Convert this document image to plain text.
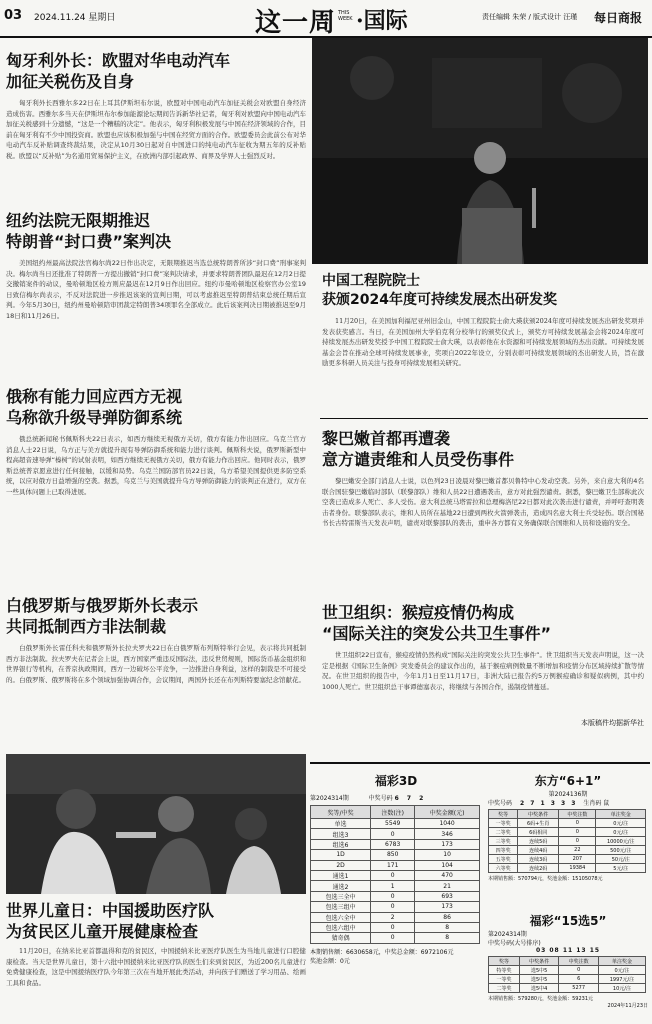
03 2024.11.24 星期日	这一周 THIS WEEK ·国际	责任编辑 朱荣 / 版式设计 汪瑾 每日商报
匈牙利外长：欧盟对华电动汽车
加征关税伤及自身

匈牙利外长西雅尔多22日在上耳其伊斯坦布尔说，欧盟对中国电动汽车加征关税会对欧盟自身经济造成伤害。西雅尔多当天在伊斯坦布尔参加能源论坛期间告诉新华社记者，匈牙利对欧盟向中国电动汽车加征关税感到十分遗憾，“这是一个糟糕的决定”。他表示，匈牙利积极发展与中国在经济领域的合作，目前在匈牙利有不少中国投资商。欧盟也应该积极加强与中国在经贸方面的合作。欧盟委员会此前公布对华电动汽车反补贴调查终裁结果，决定从10月30日起对自中国进口的纯电动汽车征收为期五年的反补贴税。欧盟以“反补贴”为名通用贸易保护主义，在欧洲内部引起政界、商界及学界人士强烈反对。

纽约法院无限期推迟
特朗普“封口费”案判决

美国纽约州最高法院法官梅尔尚22日作出决定，无限期推迟当选总统特朗普所涉“封口费”刑事案判决。梅尔尚当日还批准了特朗普一方提出撤销“封口费”案判决请求，并要求特朗普团队最迟在12月2日提交撤销案件的动议，曼哈顿地区检方则应最迟在12月9日作出回应。纽约市曼哈顿地区检察官办公室19日致信梅尔尚表示，不反对法院进一步推迟该案的宣判日期，可以考虑推迟至特朗普结束总统任期后宣判。今年5月30日，纽约州曼哈顿陪审团裁定特朗普34项罪名全部成立。此后该案判决日期被推迟至9月18日和11月26日。

俄称有能力回应西方无视
乌称欲升级导弹防御系统

俄总统新闻秘书佩斯科夫22日表示，如西方继续无视俄方关切，俄方有能力作出回应。乌克兰官方消息人士22日说，乌方正与美方就提升现有导弹防御系统和能力进行谈判。佩斯科夫说，俄罗斯新型中程高超音速导弹“榛树”的试射表明，如西方继续无视俄方关切，俄方有能力作出回应。他同时表示，俄罗斯总统普京愿意进行任何接触，以缓和局势。乌克兰国防部官员22日说，乌方希望美国提供更多防空系统，以应对俄方日益增强的空袭。据悉，乌克兰与美国就提升乌方导弹防御能力的谈判正在进行，双方在一些具体问题上已取得进展。

白俄罗斯与俄罗斯外长表示
共同抵制西方非法制裁

白俄罗斯外长雷任科夫和俄罗斯外长拉夫罗夫22日在白俄罗斯布列斯特举行会见，表示将共同抵制西方非法制裁。拉夫罗夫在记者会上说，西方国家严重违反国际法，违反世贸规则，国际货币基金组织和世界银行等机构，在普京执政期间，西方一边破坏公平竞争，一边推进自身利益，这样的制裁是不可接受的。白俄罗斯、俄罗斯将在多个领域加强协调合作，会议期间，两国外长还在布列斯特要塞纪念馆献花。

世界儿童日：中国援助医疗队
为贫民区儿童开展健康检查

11月20日，在纳米比亚首都温得和克的贫民区，中国援纳米比亚医疗队医生为当地儿童进行口腔健康检查。当天是世界儿童日，第十六批中国援纳米比亚医疗队的医生们来到贫民区，为近200名儿童进行免费健康检查，这是中国援纳医疗队今年第三次在当地开展此类活动，并向孩子们赠送了学习用品、绘画工具和食品。

中国工程院院士
获颁2024年度可持续发展杰出研发奖

11月20日，在美国加利福尼亚州旧金山，中国工程院院士俞大瑛获颁2024年度可持续发展杰出研发奖项并发表获奖感言。当日，在美国加州大学伯克利分校举行的颁奖仪式上，颁奖方可持续发展基金会将2024年度可持续发展杰出研发奖授予中国工程院院士俞大瑛，以表彰他在水资源和可持续发展领域的杰出贡献。可持续发展基金会旨在推动全球可持续发展事业，奖项自2022年设立，分别表彰可持续发展领域的杰出研发人员，旨在激励更多科研人员关注与投身可持续发展相关研究。

黎巴嫩首都再遭袭
意方谴责维和人员受伤事件

黎巴嫩安全部门消息人士说，以色列23日凌晨对黎巴嫩首都贝鲁特中心发动空袭。另外，来自意大利的4名联合国驻黎巴嫩临时部队（联黎部队）维和人员22日遭遇袭击，意方对此强烈谴责。据悉，黎巴嫩卫生部称此次空袭已造成多人死亡、多人受伤。意大利总统马塔雷拉和总理梅洛尼22日都对此次袭击进行谴责，并呼吁查明袭击者身份。联黎部队表示，维和人员所在基地22日遭到两枚火箭弹袭击，造成四名意大利士兵受轻伤。联合国秘书长古特雷斯当天发表声明，谴责对联黎部队的袭击，重申各方都有义务确保联合国维和人员和设施的安全。

世卫组织：猴痘疫情仍构成
“国际关注的突发公共卫生事件”

世卫组织22日宣布，猴痘疫情仍然构成“国际关注的突发公共卫生事件”。世卫组织当天发表声明说，这一决定是根据《国际卫生条例》突发委员会的建议作出的，基于猴痘病例数量不断增加和疫情分布区域持续扩散等情况。在世卫组织的报告中，今年1月1日至11月17日，非洲大陆已报告约5万例猴痘确诊和疑似病例，其中约1000人死亡。世卫组织总干事谭德塞表示，将继续与各国合作，遏制疫情蔓延。

本版稿件均据新华社
福彩3D
第2024314期	中奖号码 6 7 2
奖等/中奖	注数(注)	中奖金额(元)
单选	5549	1040
组选3	0	346
组选6	6783	173
1D	850	10
2D	171	104
通选1	0	470
通选2	1	21
包选三全中	0	693
包选三组中	0	173
包选六全中	2	86
包选六组中	0	8
猜奇偶	0	8
本期销售额：6630658元，中奖总金额：6972106元
奖池金额：0元
东方“6+1”
第2024136期
中奖号码 2 7 1 3 3 3 生肖码 鼠
奖等	中奖条件	中奖注数	单注奖金
一等奖	6码+生肖	0	0元/注
二等奖	6码相同	0	0元/注
三等奖	连续5码	0	10000元/注
四等奖	连续4码	22	500元/注
五等奖	连续3码	207	50元/注
六等奖	连续2码	19384	5元/注
本期销售额：570794元，奖池金额：15105078元
福彩“15选5”
第2024314期
中奖号码(大号排序)
03 08 11 13 15
奖等	中奖条件	中奖注数	单注奖金
特等奖	选5中5	0	0元/注
一等奖	选5中5	6	1997元/注
二等奖	选5中4	5277	10元/注
本期销售额：579280元，奖池金额：59231元
2024年11月23日
